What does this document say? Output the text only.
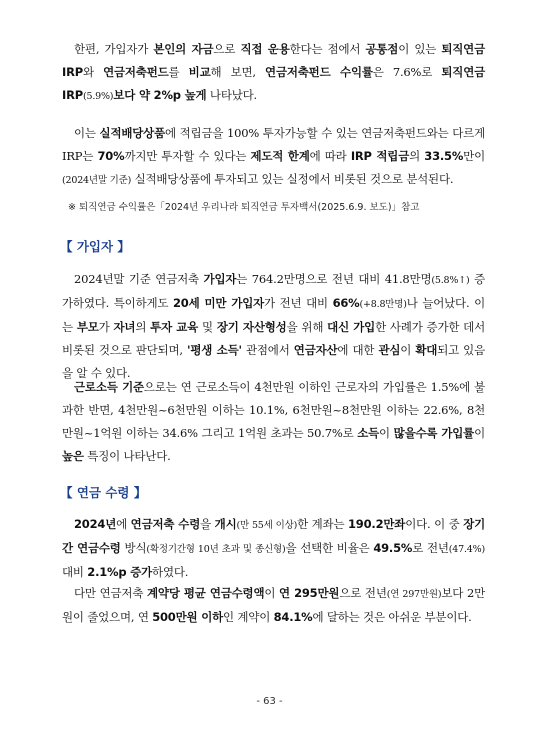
한편, 가입자가 본인의 자금으로 직접 운용한다는 점에서 공통점이 있는 퇴직연금 IRP와 연금저축펀드를 비교해 보면, 연금저축펀드 수익률은 7.6%로 퇴직연금 IRP(5.9%)보다 약 2%p 높게 나타났다.

이는 실적배당상품에 적립금을 100% 투자가능할 수 있는 연금저축펀드와는 다르게 IRP는 70%까지만 투자할 수 있다는 제도적 한계에 따라 IRP 적립금의 33.5%만이(2024년말 기준) 실적배당상품에 투자되고 있는 실정에서 비롯된 것으로 분석된다.

※ 퇴직연금 수익률은「2024년 우리나라 퇴직연금 투자백서(2025.6.9. 보도)」참고

【 가입자 】

2024년말 기준 연금저축 가입자는 764.2만명으로 전년 대비 41.8만명(5.8%↑) 증가하였다. 특이하게도 20세 미만 가입자가 전년 대비 66%(+8.8만명)나 늘어났다. 이는 부모가 자녀의 투자 교육 및 장기 자산형성을 위해 대신 가입한 사례가 증가한 데서 비롯된 것으로 판단되며, '평생 소득' 관점에서 연금자산에 대한 관심이 확대되고 있음을 알 수 있다.

근로소득 기준으로는 연 근로소득이 4천만원 이하인 근로자의 가입률은 1.5%에 불과한 반면, 4천만원~6천만원 이하는 10.1%, 6천만원~8천만원 이하는 22.6%, 8천만원~1억원 이하는 34.6% 그리고 1억원 초과는 50.7%로 소득이 많을수록 가입률이 높은 특징이 나타난다.

【 연금 수령 】

2024년에 연금저축 수령을 개시(만 55세 이상)한 계좌는 190.2만좌이다. 이 중 장기간 연금수령 방식(확정기간형 10년 초과 및 종신형)을 선택한 비율은 49.5%로 전년(47.4%) 대비 2.1%p 증가하였다.

다만 연금저축 계약당 평균 연금수령액이 연 295만원으로 전년(연 297만원)보다 2만원이 줄었으며, 연 500만원 이하인 계약이 84.1%에 달하는 것은 아쉬운 부분이다.

- 63 -
